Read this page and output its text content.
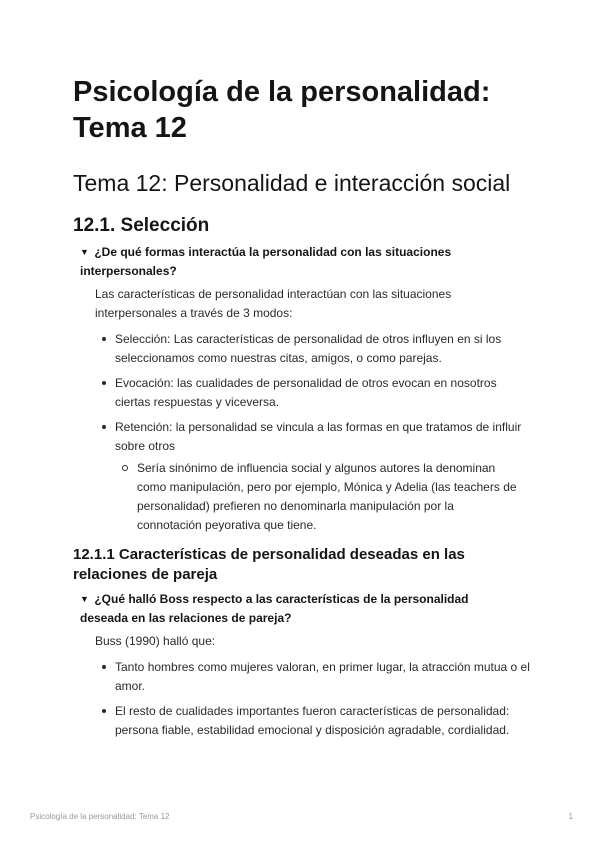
Psicología de la personalidad: Tema 12
Tema 12: Personalidad e interacción social
12.1. Selección
▼ ¿De qué formas interactúa la personalidad con las situaciones interpersonales?
Las características de personalidad interactúan con las situaciones interpersonales a través de 3 modos:
Selección: Las características de personalidad de otros influyen en si los seleccionamos como nuestras citas, amigos, o como parejas.
Evocación: las cualidades de personalidad de otros evocan en nosotros ciertas respuestas y viceversa.
Retención: la personalidad se vincula a las formas en que tratamos de influir sobre otros
Sería sinónimo de influencia social y algunos autores la denominan como manipulación, pero por ejemplo, Mónica y Adelia (las teachers de personalidad) prefieren no denominarla manipulación por la connotación peyorativa que tiene.
12.1.1 Características de personalidad deseadas en las relaciones de pareja
▼ ¿Qué halló Boss respecto a las características de la personalidad deseada en las relaciones de pareja?
Buss (1990) halló que:
Tanto hombres como mujeres valoran, en primer lugar, la atracción mutua o el amor.
El resto de cualidades importantes fueron características de personalidad: persona fiable, estabilidad emocional y disposición agradable, cordialidad.
Psicología de la personalidad: Tema 12	1
